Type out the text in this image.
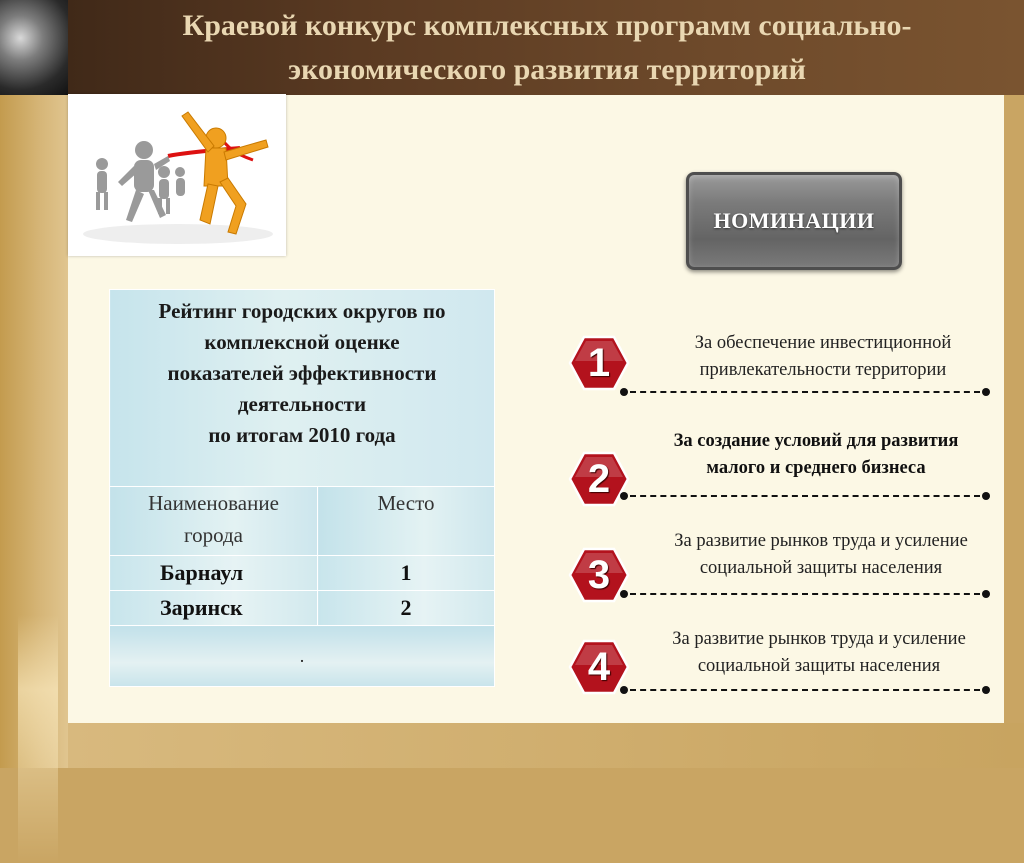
Краевой конкурс комплексных программ социально-
экономического развития территорий
НОМИНАЦИИ
Рейтинг городских округов по
комплексной оценке
показателей эффективности
деятельности
по итогам 2010 года	

Наименование
города	Место

Барнаул	1
Заринск	2
.	
1	За обеспечение инвестиционной
привлекательности территории
2
За создание условий для развития
малого и среднего бизнеса
3
За развитие рынков труда и усиление
социальной защиты населения
4
За развитие рынков труда и усиление
социальной защиты населения
